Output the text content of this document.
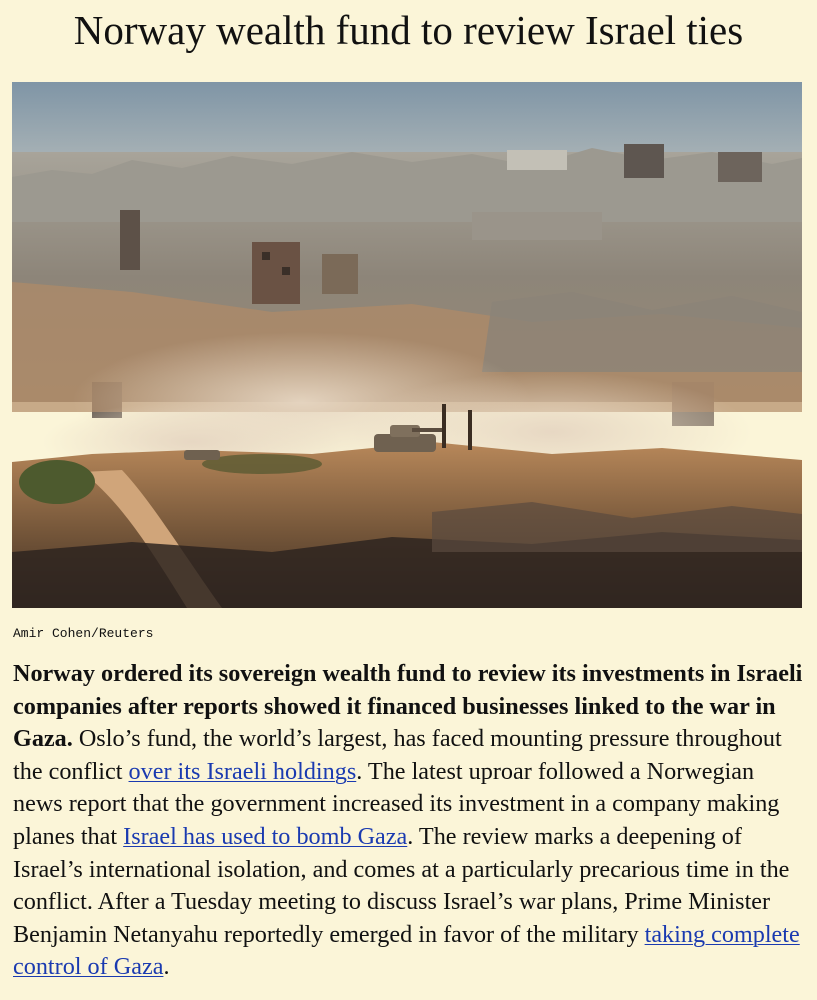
Norway wealth fund to review Israel ties
Amir Cohen/Reuters

Norway ordered its sovereign wealth fund to review its investments in Israeli companies after reports showed it financed businesses linked to the war in Gaza. Oslo’s fund, the world’s largest, has faced mounting pressure throughout the conflict over its Israeli holdings. The latest uproar followed a Norwegian news report that the government increased its investment in a company making planes that Israel has used to bomb Gaza. The review marks a deepening of Israel’s international isolation, and comes at a particularly precarious time in the conflict. After a Tuesday meeting to discuss Israel’s war plans, Prime Minister Benjamin Netanyahu reportedly emerged in favor of the military taking complete control of Gaza.
